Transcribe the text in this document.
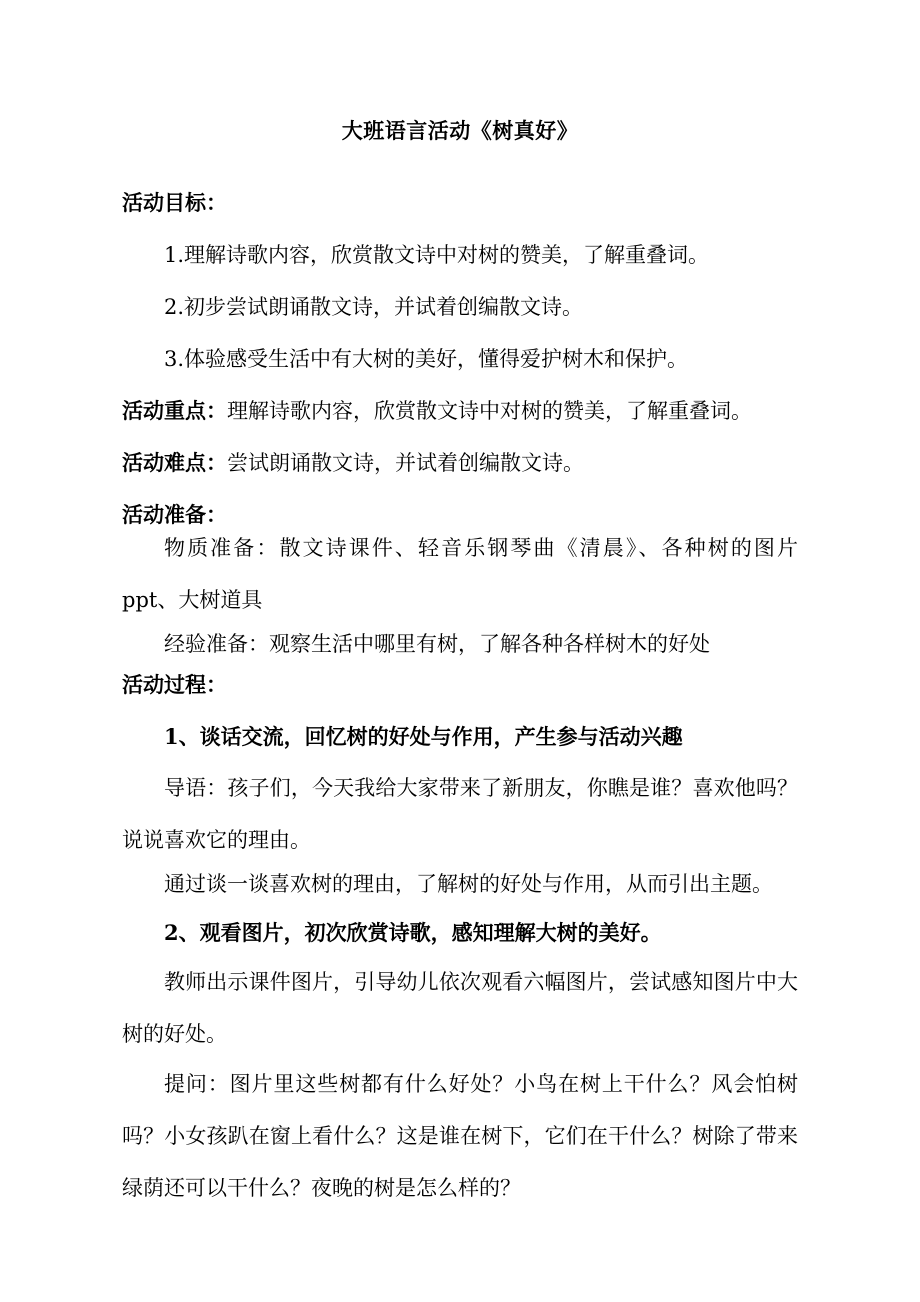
大班语言活动《树真好》
活动目标：
1.理解诗歌内容，欣赏散文诗中对树的赞美，了解重叠词。
2.初步尝试朗诵散文诗，并试着创编散文诗。
3.体验感受生活中有大树的美好，懂得爱护树木和保护。
活动重点：理解诗歌内容，欣赏散文诗中对树的赞美，了解重叠词。
活动难点：尝试朗诵散文诗，并试着创编散文诗。
活动准备：
物质准备：散文诗课件、轻音乐钢琴曲《清晨》、各种树的图片 ppt、大树道具
经验准备：观察生活中哪里有树，了解各种各样树木的好处
活动过程：
1、谈话交流，回忆树的好处与作用，产生参与活动兴趣
导语：孩子们，今天我给大家带来了新朋友，你瞧是谁？喜欢他吗？说说喜欢它的理由。
通过谈一谈喜欢树的理由，了解树的好处与作用，从而引出主题。
2、观看图片，初次欣赏诗歌，感知理解大树的美好。
教师出示课件图片，引导幼儿依次观看六幅图片，尝试感知图片中大树的好处。
提问：图片里这些树都有什么好处？小鸟在树上干什么？风会怕树吗？小女孩趴在窗上看什么？这是谁在树下，它们在干什么？树除了带来绿荫还可以干什么？夜晚的树是怎么样的？
